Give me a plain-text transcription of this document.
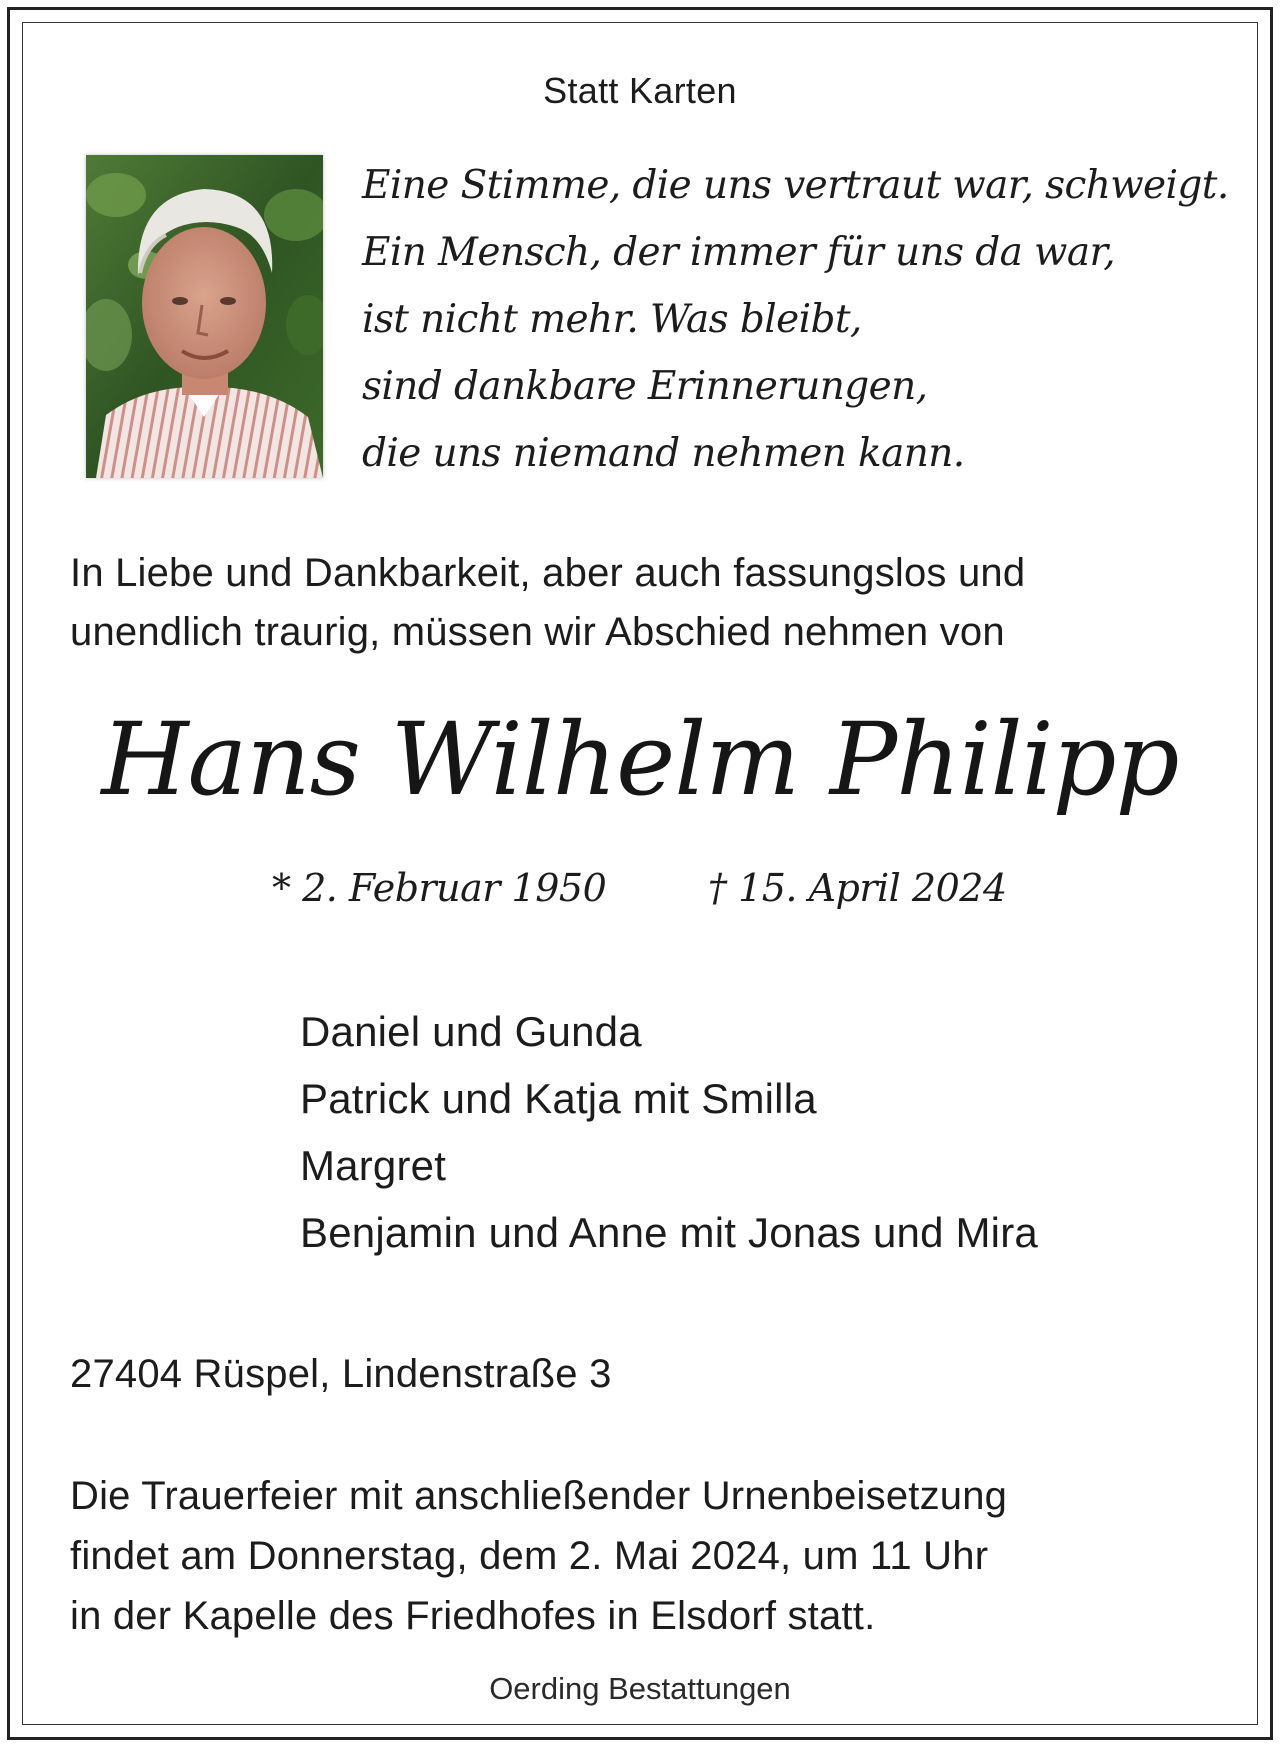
Statt Karten

Eine Stimme, die uns vertraut war, schweigt.
Ein Mensch, der immer für uns da war,
ist nicht mehr. Was bleibt,
sind dankbare Erinnerungen,
die uns niemand nehmen kann.
In Liebe und Dankbarkeit, aber auch fassungslos und
unendlich traurig, müssen wir Abschied nehmen von

Hans Wilhelm Philipp

* 2. Februar 1950	† 15. April 2024

Daniel und Gunda
Patrick und Katja mit Smilla
Margret
Benjamin und Anne mit Jonas und Mira

27404 Rüspel, Lindenstraße 3

Die Trauerfeier mit anschließender Urnenbeisetzung
findet am Donnerstag, dem 2. Mai 2024, um 11 Uhr
in der Kapelle des Friedhofes in Elsdorf statt.

Oerding Bestattungen
